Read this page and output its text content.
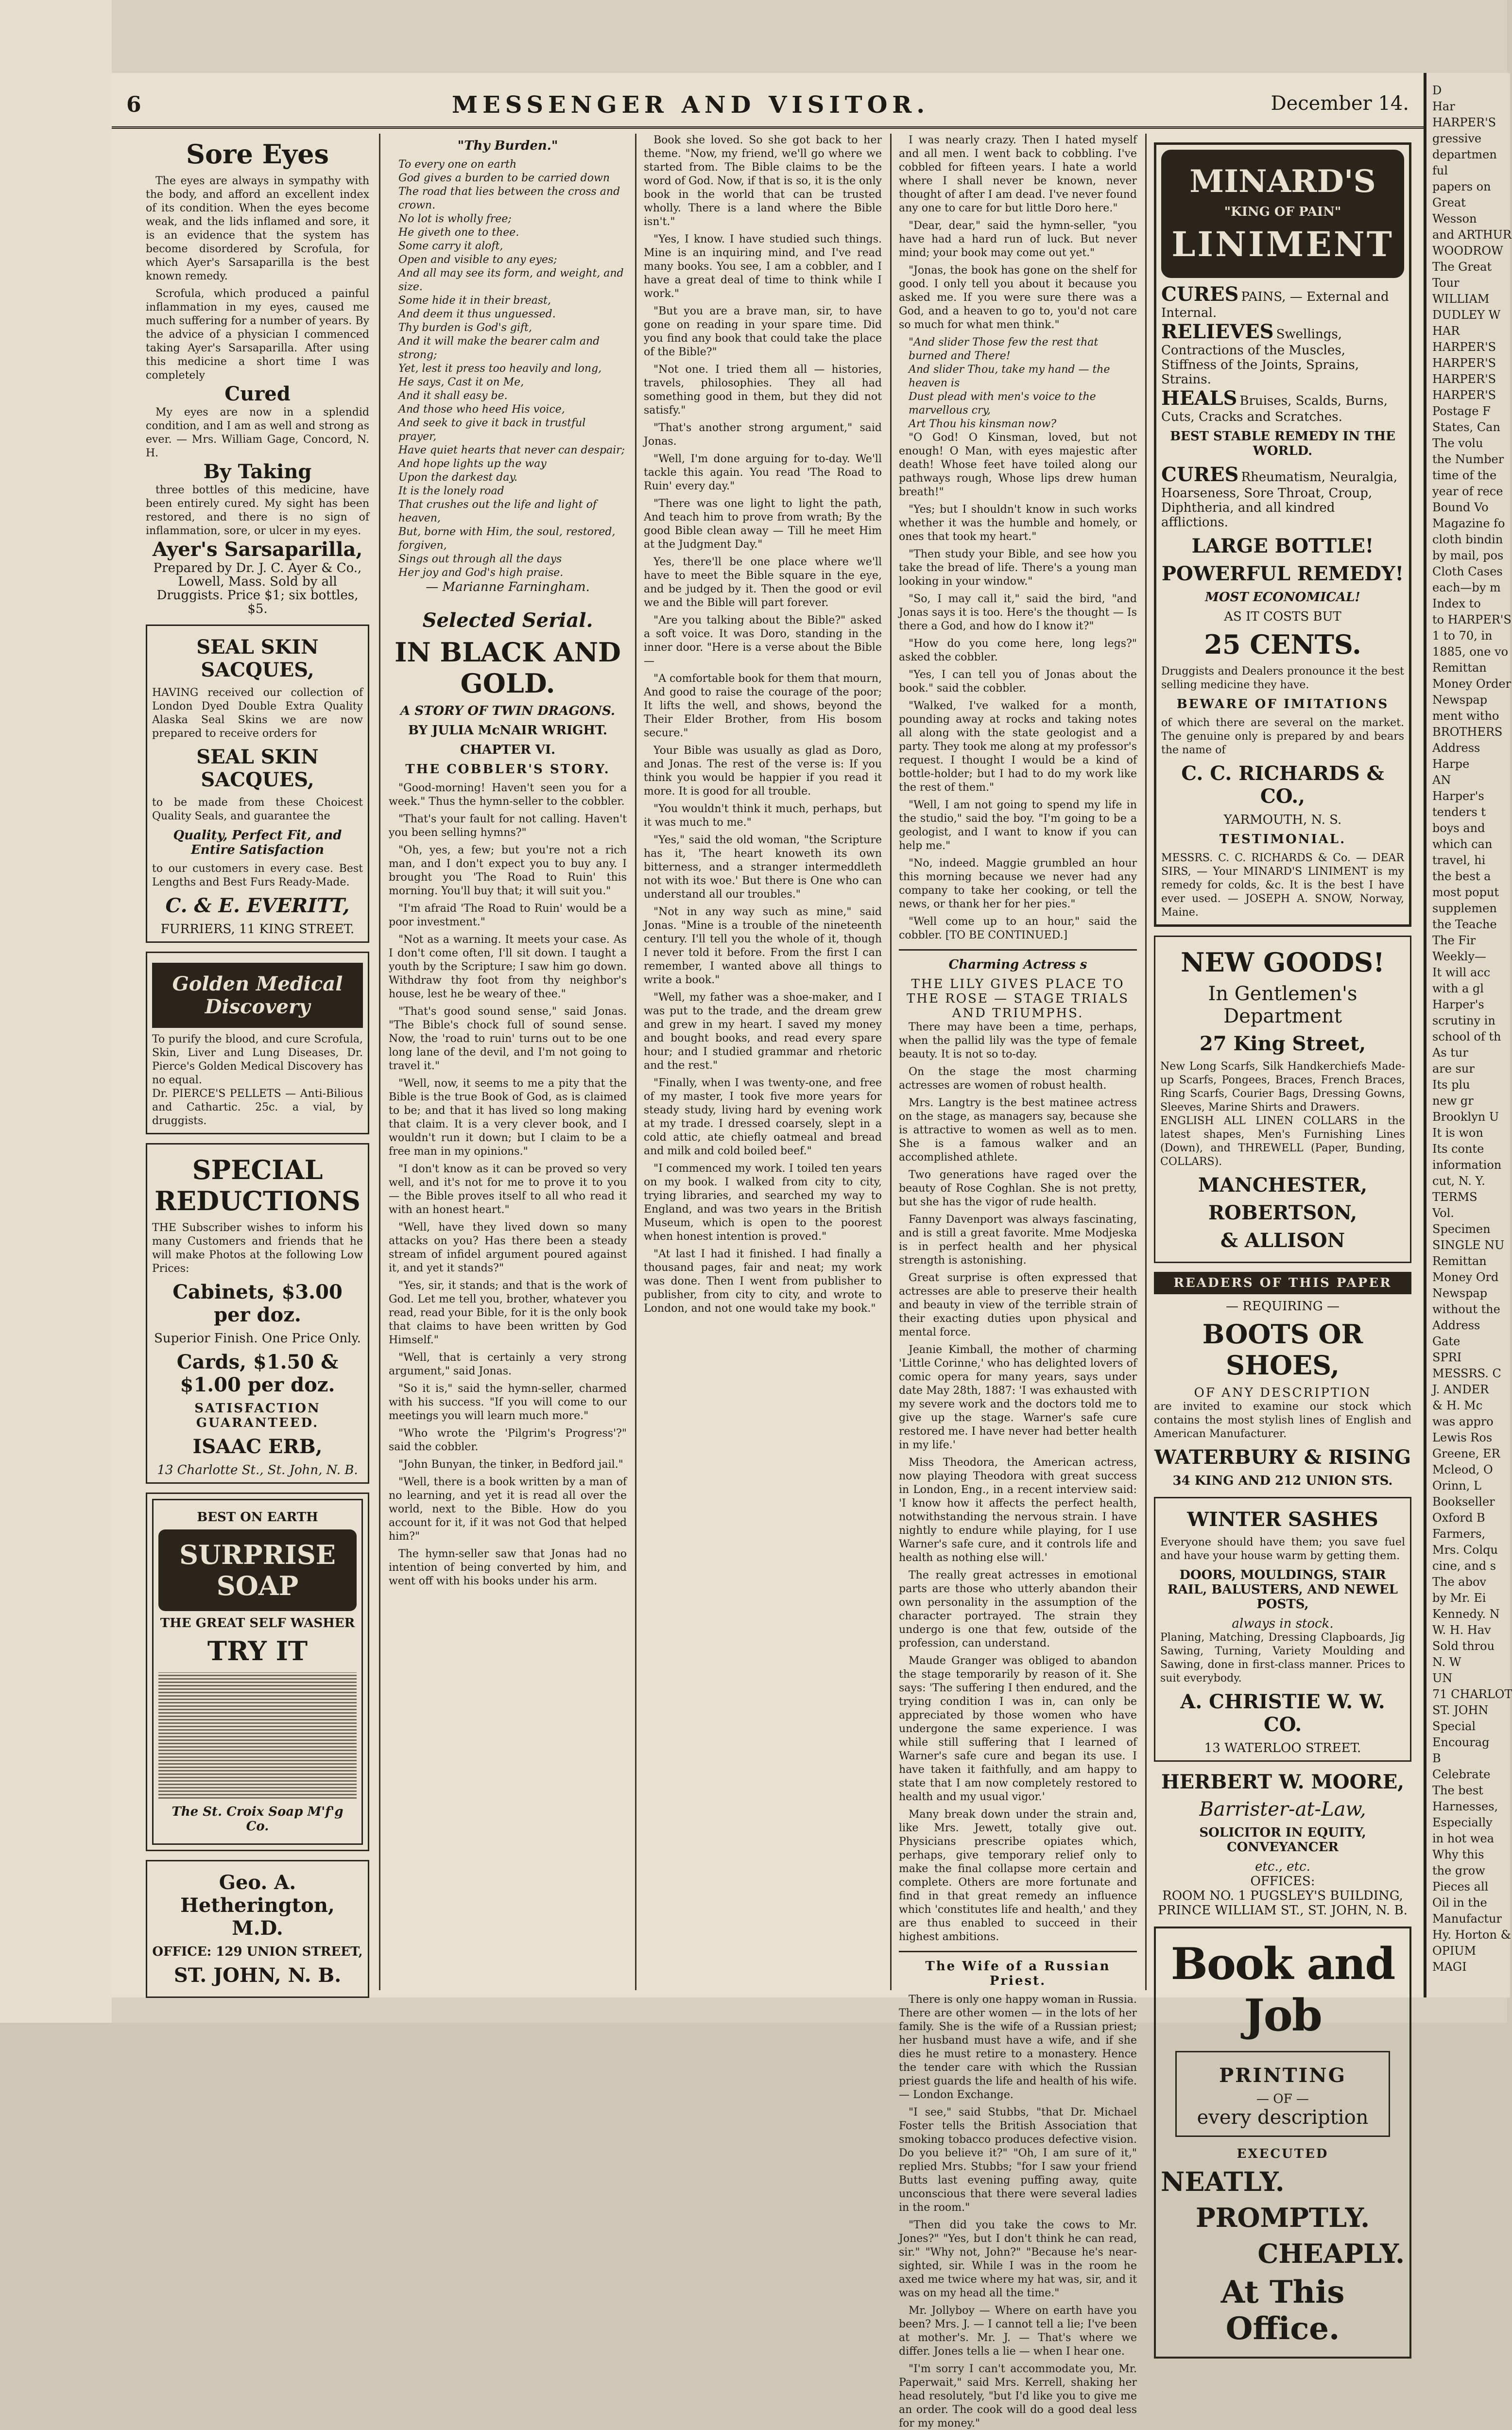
6	MESSENGER AND VISITOR.	December 14.
Sore Eyes

The eyes are always in sympathy with the body, and afford an excellent index of its condition. When the eyes become weak, and the lids inflamed and sore, it is an evidence that the system has become disordered by Scrofula, for which Ayer's Sarsaparilla is the best known remedy.

Scrofula, which produced a painful inflammation in my eyes, caused me much suffering for a number of years. By the advice of a physician I commenced taking Ayer's Sarsaparilla. After using this medicine a short time I was completely

Cured

My eyes are now in a splendid condition, and I am as well and strong as ever. — Mrs. William Gage, Concord, N. H.

By Taking

three bottles of this medicine, have been entirely cured. My sight has been restored, and there is no sign of inflammation, sore, or ulcer in my eyes.

Ayer's Sarsaparilla,
Prepared by Dr. J. C. Ayer & Co., Lowell, Mass. Sold by all Druggists. Price $1; six bottles, $5.
SEAL SKIN SACQUES,
HAVING received our collection of London Dyed Double Extra Quality Alaska Seal Skins we are now prepared to receive orders for
SEAL SKIN SACQUES,
to be made from these Choicest Quality Seals, and guarantee the
Quality, Perfect Fit, and Entire Satisfaction
to our customers in every case. Best Lengths and Best Furs Ready-Made.
C. & E. EVERITT,
FURRIERS, 11 KING STREET.
Golden Medical Discovery
To purify the blood, and cure Scrofula, Skin, Liver and Lung Diseases, Dr. Pierce's Golden Medical Discovery has no equal.
Dr. PIERCE'S PELLETS — Anti-Bilious and Cathartic. 25c. a vial, by druggists.
SPECIAL REDUCTIONS
THE Subscriber wishes to inform his many Customers and friends that he will make Photos at the following Low Prices:
Cabinets, $3.00 per doz.
Superior Finish. One Price Only.
Cards, $1.50 & $1.00 per doz.
SATISFACTION GUARANTEED.
ISAAC ERB,
13 Charlotte St., St. John, N. B.
BEST ON EARTH
SURPRISE SOAP
THE GREAT SELF WASHER
TRY IT
The St. Croix Soap M'f'g Co.
Geo. A. Hetherington, M.D.
OFFICE: 129 UNION STREET,
ST. JOHN, N. B.
"Thy Burden."
To every one on earth
God gives a burden to be carried down
The road that lies between the cross and crown.
No lot is wholly free;
He giveth one to thee.
Some carry it aloft,
Open and visible to any eyes;
And all may see its form, and weight, and size.
Some hide it in their breast,
And deem it thus unguessed.
Thy burden is God's gift,
And it will make the bearer calm and strong;
Yet, lest it press too heavily and long,
He says, Cast it on Me,
And it shall easy be.
And those who heed His voice,
And seek to give it back in trustful prayer,
Have quiet hearts that never can despair;
And hope lights up the way
Upon the darkest day.
It is the lonely road
That crushes out the life and light of heaven,
But, borne with Him, the soul, restored, forgiven,
Sings out through all the days
Her joy and God's high praise.
— Marianne Farningham.
Selected Serial.
IN BLACK AND GOLD.
A STORY OF TWIN DRAGONS.
BY JULIA McNAIR WRIGHT.
CHAPTER VI.
THE COBBLER'S STORY.

"Good-morning! Haven't seen you for a week." Thus the hymn-seller to the cobbler.

"That's your fault for not calling. Haven't you been selling hymns?"

"Oh, yes, a few; but you're not a rich man, and I don't expect you to buy any. I brought you 'The Road to Ruin' this morning. You'll buy that; it will suit you."

"I'm afraid 'The Road to Ruin' would be a poor investment."

"Not as a warning. It meets your case. As I don't come often, I'll sit down. I taught a youth by the Scripture; I saw him go down. Withdraw thy foot from thy neighbor's house, lest he be weary of thee."

"That's good sound sense," said Jonas. "The Bible's chock full of sound sense. Now, the 'road to ruin' turns out to be one long lane of the devil, and I'm not going to travel it."

"Well, now, it seems to me a pity that the Bible is the true Book of God, as is claimed to be; and that it has lived so long making that claim. It is a very clever book, and I wouldn't run it down; but I claim to be a free man in my opinions."

"I don't know as it can be proved so very well, and it's not for me to prove it to you — the Bible proves itself to all who read it with an honest heart."

"Well, have they lived down so many attacks on you? Has there been a steady stream of infidel argument poured against it, and yet it stands?"

"Yes, sir, it stands; and that is the work of God. Let me tell you, brother, whatever you read, read your Bible, for it is the only book that claims to have been written by God Himself."

"Well, that is certainly a very strong argument," said Jonas.

"So it is," said the hymn-seller, charmed with his success. "If you will come to our meetings you will learn much more."

"Who wrote the 'Pilgrim's Progress'?" said the cobbler.

"John Bunyan, the tinker, in Bedford jail."

"Well, there is a book written by a man of no learning, and yet it is read all over the world, next to the Bible. How do you account for it, if it was not God that helped him?"

The hymn-seller saw that Jonas had no intention of being converted by him, and went off with his books under his arm.

Book she loved. So she got back to her theme. "Now, my friend, we'll go where we started from. The Bible claims to be the word of God. Now, if that is so, it is the only book in the world that can be trusted wholly. There is a land where the Bible isn't."

"Yes, I know. I have studied such things. Mine is an inquiring mind, and I've read many books. You see, I am a cobbler, and I have a great deal of time to think while I work."

"But you are a brave man, sir, to have gone on reading in your spare time. Did you find any book that could take the place of the Bible?"

"Not one. I tried them all — histories, travels, philosophies. They all had something good in them, but they did not satisfy."

"That's another strong argument," said Jonas.

"Well, I'm done arguing for to-day. We'll tackle this again. You read 'The Road to Ruin' every day."

"There was one light to light the path, And teach him to prove from wrath; By the good Bible clean away — Till he meet Him at the Judgment Day."

Yes, there'll be one place where we'll have to meet the Bible square in the eye, and be judged by it. Then the good or evil we and the Bible will part forever.

"Are you talking about the Bible?" asked a soft voice. It was Doro, standing in the inner door. "Here is a verse about the Bible —

"A comfortable book for them that mourn, And good to raise the courage of the poor; It lifts the well, and shows, beyond the Their Elder Brother, from His bosom secure."

Your Bible was usually as glad as Doro, and Jonas. The rest of the verse is: If you think you would be happier if you read it more. It is good for all trouble.

"You wouldn't think it much, perhaps, but it was much to me."

"Yes," said the old woman, "the Scripture has it, 'The heart knoweth its own bitterness, and a stranger intermeddleth not with its woe.' But there is One who can understand all our troubles."

"Not in any way such as mine," said Jonas. "Mine is a trouble of the nineteenth century. I'll tell you the whole of it, though I never told it before. From the first I can remember, I wanted above all things to write a book."

"Well, my father was a shoe-maker, and I was put to the trade, and the dream grew and grew in my heart. I saved my money and bought books, and read every spare hour; and I studied grammar and rhetoric and the rest."

"Finally, when I was twenty-one, and free of my master, I took five more years for steady study, living hard by evening work at my trade. I dressed coarsely, slept in a cold attic, ate chiefly oatmeal and bread and milk and cold boiled beef."

"I commenced my work. I toiled ten years on my book. I walked from city to city, trying libraries, and searched my way to England, and was two years in the British Museum, which is open to the poorest when honest intention is proved."

"At last I had it finished. I had finally a thousand pages, fair and neat; my work was done. Then I went from publisher to publisher, from city to city, and wrote to London, and not one would take my book."

I was nearly crazy. Then I hated myself and all men. I went back to cobbling. I've cobbled for fifteen years. I hate a world where I shall never be known, never thought of after I am dead. I've never found any one to care for but little Doro here."

"Dear, dear," said the hymn-seller, "you have had a hard run of luck. But never mind; your book may come out yet."

"Jonas, the book has gone on the shelf for good. I only tell you about it because you asked me. If you were sure there was a God, and a heaven to go to, you'd not care so much for what men think."

"And slider Those few the rest that burned and There!
And slider Thou, take my hand — the heaven is
Dust plead with men's voice to the marvellous cry,
Art Thou his kinsman now?

"O God! O Kinsman, loved, but not enough! O Man, with eyes majestic after death! Whose feet have toiled along our pathways rough, Whose lips drew human breath!"

"Yes; but I shouldn't know in such works whether it was the humble and homely, or ones that took my heart."

"Then study your Bible, and see how you take the bread of life. There's a young man looking in your window."

"So, I may call it," said the bird, "and Jonas says it is too. Here's the thought — Is there a God, and how do I know it?"

"How do you come here, long legs?" asked the cobbler.

"Yes, I can tell you of Jonas about the book." said the cobbler.

"Walked, I've walked for a month, pounding away at rocks and taking notes all along with the state geologist and a party. They took me along at my professor's request. I thought I would be a kind of bottle-holder; but I had to do my work like the rest of them."

"Well, I am not going to spend my life in the studio," said the boy. "I'm going to be a geologist, and I want to know if you can help me."

"No, indeed. Maggie grumbled an hour this morning because we never had any company to take her cooking, or tell the news, or thank her for her pies."

"Well come up to an hour," said the cobbler. [TO BE CONTINUED.]

Charming Actress s
THE LILY GIVES PLACE TO THE ROSE — STAGE TRIALS AND TRIUMPHS.

There may have been a time, perhaps, when the pallid lily was the type of female beauty. It is not so to-day.

On the stage the most charming actresses are women of robust health.

Mrs. Langtry is the best matinee actress on the stage, as managers say, because she is attractive to women as well as to men. She is a famous walker and an accomplished athlete.

Two generations have raged over the beauty of Rose Coghlan. She is not pretty, but she has the vigor of rude health.

Fanny Davenport was always fascinating, and is still a great favorite. Mme Modjeska is in perfect health and her physical strength is astonishing.

Great surprise is often expressed that actresses are able to preserve their health and beauty in view of the terrible strain of their exacting duties upon physical and mental force.

Jeanie Kimball, the mother of charming 'Little Corinne,' who has delighted lovers of comic opera for many years, says under date May 28th, 1887: 'I was exhausted with my severe work and the doctors told me to give up the stage. Warner's safe cure restored me. I have never had better health in my life.'

Miss Theodora, the American actress, now playing Theodora with great success in London, Eng., in a recent interview said: 'I know how it affects the perfect health, notwithstanding the nervous strain. I have nightly to endure while playing, for I use Warner's safe cure, and it controls life and health as nothing else will.'

The really great actresses in emotional parts are those who utterly abandon their own personality in the assumption of the character portrayed. The strain they undergo is one that few, outside of the profession, can understand.

Maude Granger was obliged to abandon the stage temporarily by reason of it. She says: 'The suffering I then endured, and the trying condition I was in, can only be appreciated by those women who have undergone the same experience. I was while still suffering that I learned of Warner's safe cure and began its use. I have taken it faithfully, and am happy to state that I am now completely restored to health and my usual vigor.'

Many break down under the strain and, like Mrs. Jewett, totally give out. Physicians prescribe opiates which, perhaps, give temporary relief only to make the final collapse more certain and complete. Others are more fortunate and find in that great remedy an influence which 'constitutes life and health,' and they are thus enabled to succeed in their highest ambitions.

The Wife of a Russian Priest.

There is only one happy woman in Russia. There are other women — in the lots of her family. She is the wife of a Russian priest; her husband must have a wife, and if she dies he must retire to a monastery. Hence the tender care with which the Russian priest guards the life and health of his wife. — London Exchange.

"I see," said Stubbs, "that Dr. Michael Foster tells the British Association that smoking tobacco produces defective vision. Do you believe it?" "Oh, I am sure of it," replied Mrs. Stubbs; "for I saw your friend Butts last evening puffing away, quite unconscious that there were several ladies in the room."

"Then did you take the cows to Mr. Jones?" "Yes, but I don't think he can read, sir." "Why not, John?" "Because he's near-sighted, sir. While I was in the room he axed me twice where my hat was, sir, and it was on my head all the time."

Mr. Jollyboy — Where on earth have you been? Mrs. J. — I cannot tell a lie; I've been at mother's. Mr. J. — That's where we differ. Jones tells a lie — when I hear one.

"I'm sorry I can't accommodate you, Mr. Paperwait," said Mrs. Kerrell, shaking her head resolutely, "but I'd like you to give me an order. The cook will do a good deal less for my money."

MINARD'S
"KING OF PAIN"
LINIMENT
CURES PAINS, — External and Internal.
RELIEVES Swellings, Contractions of the Muscles, Stiffness of the Joints, Sprains, Strains.
HEALS Bruises, Scalds, Burns, Cuts, Cracks and Scratches.
BEST STABLE REMEDY IN THE WORLD.
CURES Rheumatism, Neuralgia, Hoarseness, Sore Throat, Croup, Diphtheria, and all kindred afflictions.
LARGE BOTTLE!
POWERFUL REMEDY!
MOST ECONOMICAL!
AS IT COSTS BUT
25 CENTS.
Druggists and Dealers pronounce it the best selling medicine they have.
BEWARE OF IMITATIONS
of which there are several on the market. The genuine only is prepared by and bears the name of
C. C. RICHARDS & CO.,
YARMOUTH, N. S.
TESTIMONIAL.
MESSRS. C. C. RICHARDS & Co. — DEAR SIRS, — Your MINARD'S LINIMENT is my remedy for colds, &c. It is the best I have ever used. — JOSEPH A. SNOW, Norway, Maine.
NEW GOODS!
In Gentlemen's Department
27 King Street,
New Long Scarfs, Silk Handkerchiefs Made-up Scarfs, Pongees, Braces, French Braces, Ring Scarfs, Courier Bags, Dressing Gowns, Sleeves, Marine Shirts and Drawers.
ENGLISH ALL LINEN COLLARS in the latest shapes, Men's Furnishing Lines (Down), and THREWELL (Paper, Bunding, COLLARS).
MANCHESTER,
ROBERTSON,
& ALLISON
READERS OF THIS PAPER
— REQUIRING —
BOOTS OR SHOES,
OF ANY DESCRIPTION
are invited to examine our stock which contains the most stylish lines of English and American Manufacturer.
WATERBURY & RISING
34 KING AND 212 UNION STS.
WINTER SASHES
Everyone should have them; you save fuel and have your house warm by getting them.
DOORS, MOULDINGS, STAIR RAIL, BALUSTERS, AND NEWEL POSTS,
always in stock.
Planing, Matching, Dressing Clapboards, Jig Sawing, Turning, Variety Moulding and Sawing, done in first-class manner. Prices to suit everybody.
A. CHRISTIE W. W. CO.
13 WATERLOO STREET.
HERBERT W. MOORE,
Barrister-at-Law,
SOLICITOR IN EQUITY, CONVEYANCER
etc., etc.
OFFICES:
ROOM NO. 1 PUGSLEY'S BUILDING, PRINCE WILLIAM ST., ST. JOHN, N. B.
Book and Job
PRINTING
— OF —
every description
EXECUTED
NEATLY.
PROMPTLY.
CHEAPLY.
At This Office.
D
Har
HARPER'S
gressive
departmen
ful
papers on
Great
Wesson
and ARTHUR
WOODROW
The Great
Tour
WILLIAM
DUDLEY W
HAR
HARPER'S
HARPER'S
HARPER'S
HARPER'S
Postage F
States, Can
The volu
the Number
time of the
year of rece
Bound Vo
Magazine fo
cloth bindin
by mail, pos
Cloth Cases
each—by m
Index to
to HARPER'S
1 to 70, in
1885, one vo
Remittan
Money Order
Newspap
ment witho
BROTHERS
Address
Harpe
AN
Harper's
tenders t
boys and
which can
travel, hi
the best a
most poput
supplemen
the Teache
The Fir
Weekly—
It will acc
with a gl
Harper's
scrutiny in
school of th
As tur
are sur
Its plu
new gr
Brooklyn U
It is won
Its conte
information
cut, N. Y.
TERMS
Vol.
Specimen
SINGLE NU
Remittan
Money Ord
Newspap
without the
Address
Gate
SPRI
MESSRS. C
J. ANDER
& H. Mc
was appro
Lewis Ros
Greene, ER
Mcleod, O
Orinn, L
Bookseller
Oxford B
Farmers,
Mrs. Colqu
cine, and s
The abov
by Mr. Ei
Kennedy. N
W. H. Hav
Sold throu
N. W
UN
71 CHARLOT
ST. JOHN
Special
Encourag
B
Celebrate
The best
Harnesses,
Especially
in hot wea
Why this
the grow
Pieces all
Oil in the
Manufactur
Hy. Horton &
OPIUM
MAGI
